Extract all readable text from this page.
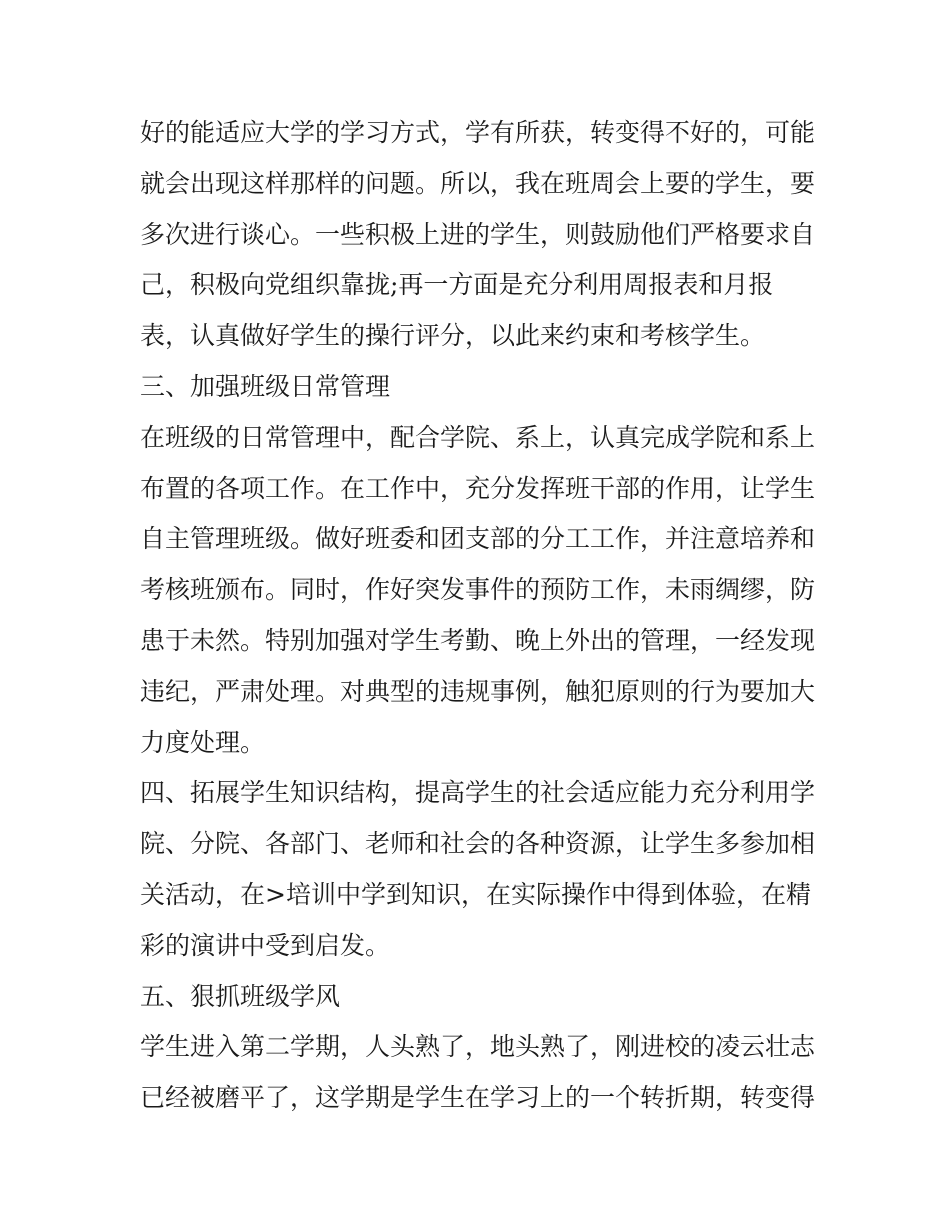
好的能适应大学的学习方式，学有所获，转变得不好的，可能
就会出现这样那样的问题。所以，我在班周会上要的学生，要
多次进行谈心。一些积极上进的学生，则鼓励他们严格要求自
己，积极向党组织靠拢;再一方面是充分利用周报表和月报
表，认真做好学生的操行评分，以此来约束和考核学生。
三、加强班级日常管理
在班级的日常管理中，配合学院、系上，认真完成学院和系上
布置的各项工作。在工作中，充分发挥班干部的作用，让学生
自主管理班级。做好班委和团支部的分工工作，并注意培养和
考核班颁布。同时，作好突发事件的预防工作，未雨绸缪，防
患于未然。特别加强对学生考勤、晚上外出的管理，一经发现
违纪，严肃处理。对典型的违规事例，触犯原则的行为要加大
力度处理。
四、拓展学生知识结构，提高学生的社会适应能力充分利用学
院、分院、各部门、老师和社会的各种资源，让学生多参加相
关活动，在>培训中学到知识，在实际操作中得到体验，在精
彩的演讲中受到启发。
五、狠抓班级学风
学生进入第二学期，人头熟了，地头熟了，刚进校的凌云壮志
已经被磨平了，这学期是学生在学习上的一个转折期，转变得
